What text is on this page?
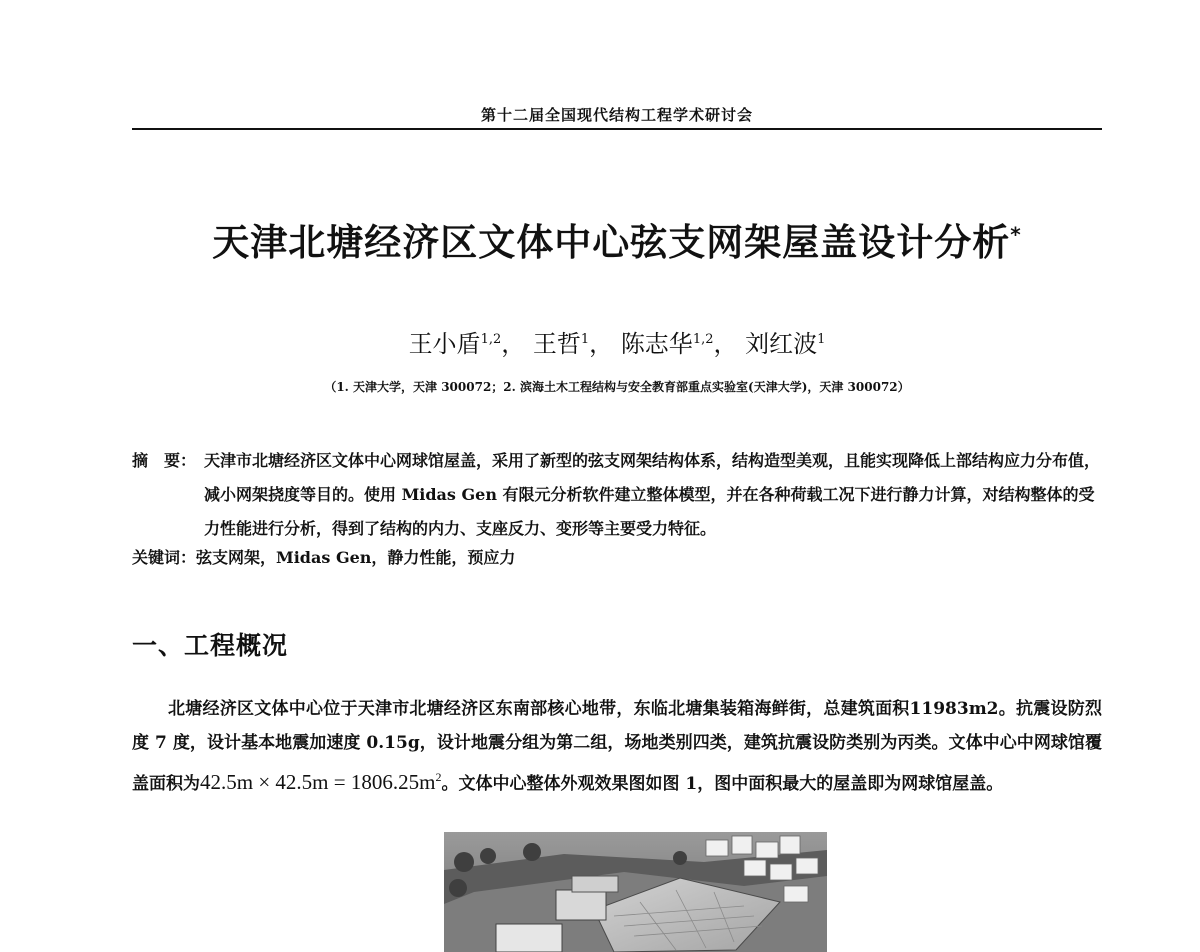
第十二届全国现代结构工程学术研讨会
天津北塘经济区文体中心弦支网架屋盖设计分析*
王小盾$^{1,2}$， 王哲$^1$， 陈志华$^{1,2}$， 刘红波$^1$
（1. 天津大学，天津 300072；2. 滨海土木工程结构与安全教育部重点实验室(天津大学)，天津 300072）
摘　要： 天津市北塘经济区文体中心网球馆屋盖，采用了新型的弦支网架结构体系，结构造型美观，且能实现降低上部结构应力分布值，减小网架挠度等目的。使用 Midas Gen 有限元分析软件建立整体模型，并在各种荷载工况下进行静力计算，对结构整体的受力性能进行分析，得到了结构的内力、支座反力、变形等主要受力特征。
关键词：弦支网架，Midas Gen，静力性能，预应力
一、工程概况
北塘经济区文体中心位于天津市北塘经济区东南部核心地带，东临北塘集装箱海鲜街，总建筑面积11983m2。抗震设防烈度 7 度，设计基本地震加速度 0.15g，设计地震分组为第二组，场地类别四类，建筑抗震设防类别为丙类。文体中心中网球馆覆盖面积为$42.5m \times 42.5m = 1806.25m^2$。文体中心整体外观效果图如图 1，图中面积最大的屋盖即为网球馆屋盖。
